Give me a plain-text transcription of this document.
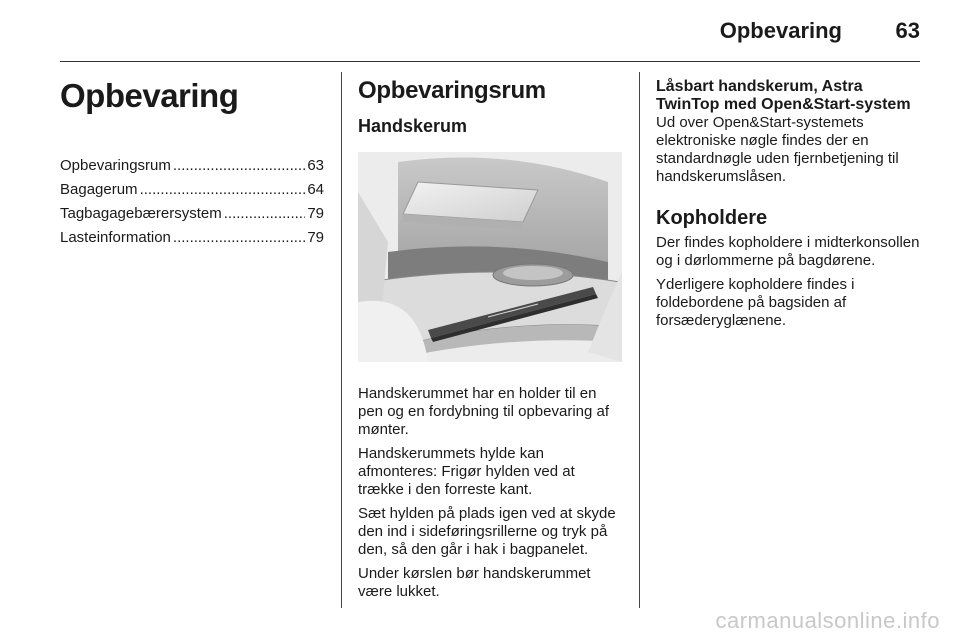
Opbevaring 63
Opbevaring
Opbevaringsrum .....	63
Bagagerum .....	64
Tagbagagebærersystem .....	79
Lasteinformation .....	79
Opbevaringsrum
Handskerum

Handskerummet har en holder til en pen og en fordybning til opbevaring af mønter.

Handskerummets hylde kan afmonteres: Frigør hylden ved at trække i den forreste kant.

Sæt hylden på plads igen ved at skyde den ind i sideføringsrillerne og tryk på den, så den går i hak i bagpanelet.

Under kørslen bør handskerummet være lukket.

Låsbart handskerum, Astra TwinTop med Open&Start-system

Ud over Open&Start-systemets elektroniske nøgle findes der en standardnøgle uden fjernbetjening til handskerumslåsen.

Kopholdere

Der findes kopholdere i midterkonsollen og i dørlommerne på bagdørene.

Yderligere kopholdere findes i foldebordene på bagsiden af forsæderyglænene.

carmanualsonline.info
